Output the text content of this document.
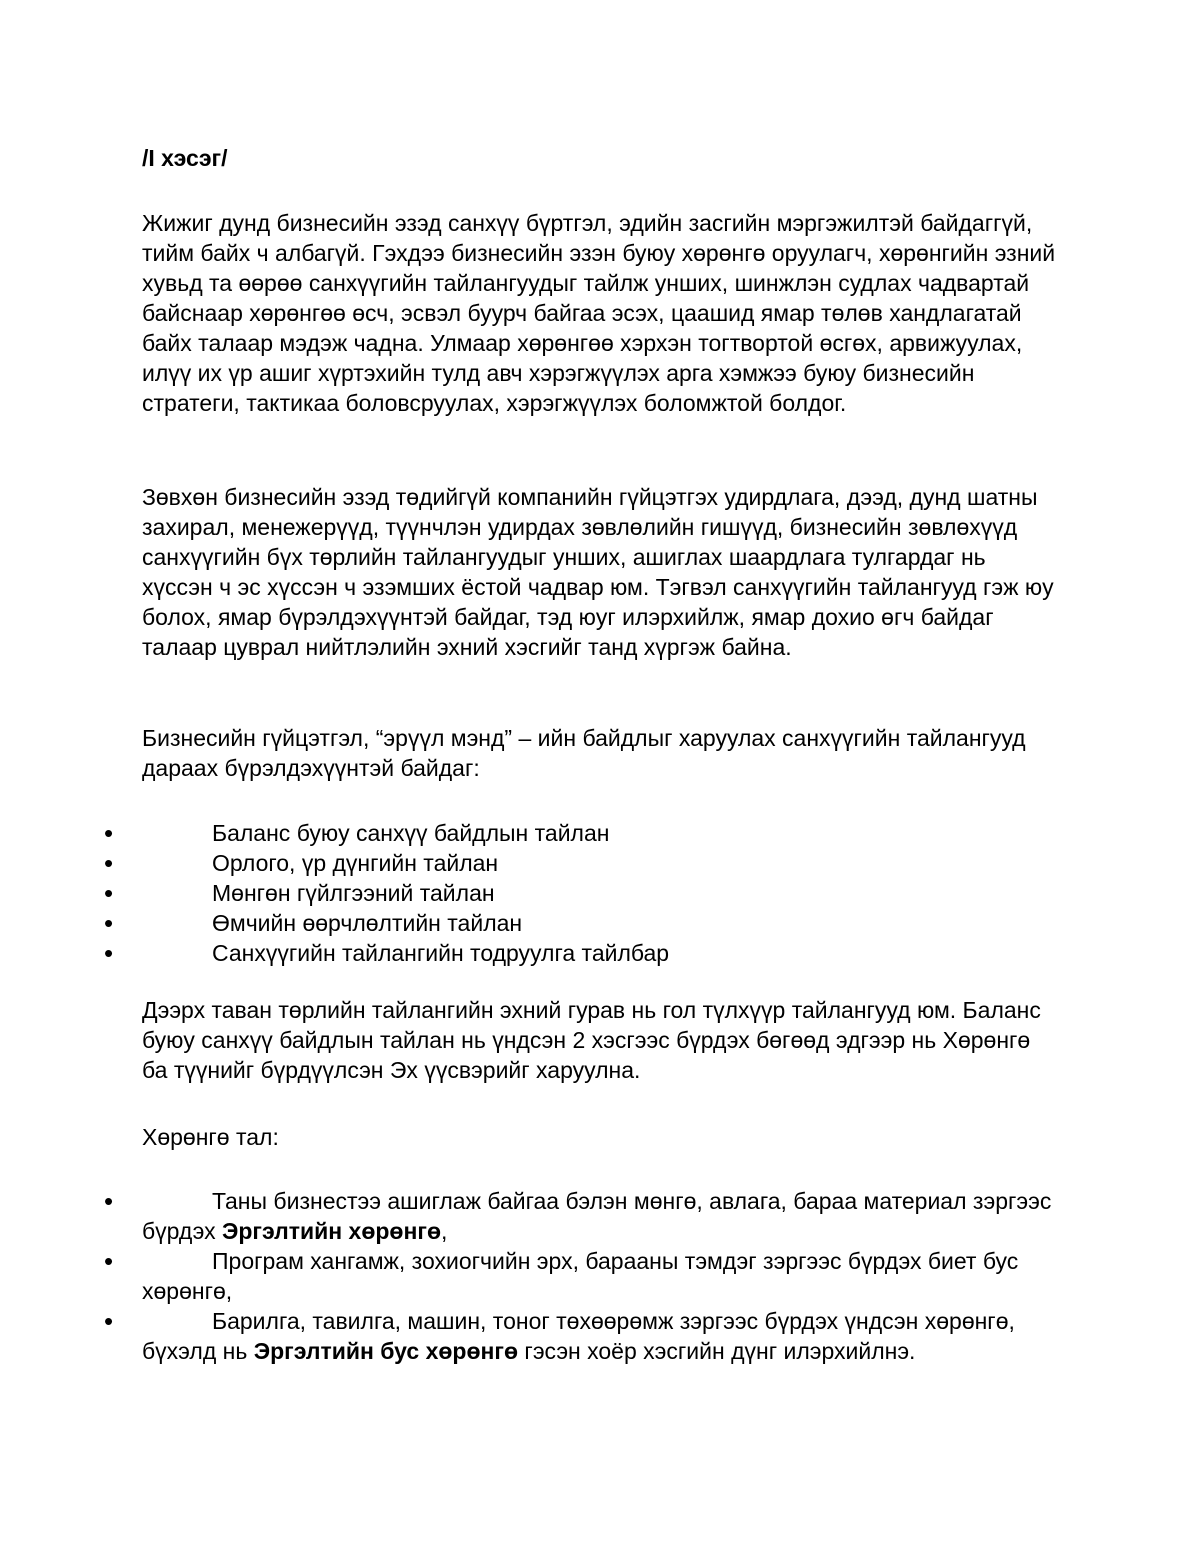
/I хэсэг/

Жижиг дунд бизнесийн эзэд санхүү бүртгэл, эдийн засгийн мэргэжилтэй байдаггүй, тийм байх ч албагүй. Гэхдээ бизнесийн эзэн буюу хөрөнгө оруулагч, хөрөнгийн эзний хувьд та өөрөө санхүүгийн тайлангуудыг тайлж унших, шинжлэн судлах чадвартай байснаар хөрөнгөө өсч, эсвэл буурч байгаа эсэх, цаашид ямар төлөв хандлагатай байх талаар мэдэж чадна. Улмаар хөрөнгөө хэрхэн тогтвортой өсгөх, арвижуулах, илүү их үр ашиг хүртэхийн тулд авч хэрэгжүүлэх арга хэмжээ буюу бизнесийн стратеги, тактикаа боловсруулах, хэрэгжүүлэх боломжтой болдог.

Зөвхөн бизнесийн эзэд төдийгүй компанийн гүйцэтгэх удирдлага, дээд, дунд шатны захирал, менежерүүд, түүнчлэн удирдах зөвлөлийн гишүүд, бизнесийн зөвлөхүүд санхүүгийн бүх төрлийн тайлангуудыг унших, ашиглах шаардлага тулгардаг нь хүссэн ч эс хүссэн ч эзэмших ёстой чадвар юм. Тэгвэл санхүүгийн тайлангууд гэж юу болох, ямар бүрэлдэхүүнтэй байдаг, тэд юуг илэрхийлж, ямар дохио өгч байдаг талаар цуврал нийтлэлийн эхний хэсгийг танд хүргэж байна.

Бизнесийн гүйцэтгэл, “эрүүл мэнд” – ийн байдлыг харуулах санхүүгийн тайлангууд дараах бүрэлдэхүүнтэй байдаг:

•	Баланс буюу санхүү байдлын тайлан
•	Орлого, үр дүнгийн тайлан
•	Мөнгөн гүйлгээний тайлан
•	Өмчийн өөрчлөлтийн тайлан
•	Санхүүгийн тайлангийн тодруулга тайлбар

Дээрх таван төрлийн тайлангийн эхний гурав нь гол түлхүүр тайлангууд юм. Баланс буюу санхүү байдлын тайлан нь үндсэн 2 хэсгээс бүрдэх бөгөөд эдгээр нь Хөрөнгө ба түүнийг бүрдүүлсэн Эх үүсвэрийг харуулна.

Хөрөнгө тал:

•	Таны бизнестээ ашиглаж байгаа бэлэн мөнгө, авлага, бараа материал зэргээс бүрдэх Эргэлтийн хөрөнгө,
•	Програм хангамж, зохиогчийн эрх, барааны тэмдэг зэргээс бүрдэх биет бус хөрөнгө,
•	Барилга, тавилга, машин, тоног төхөөрөмж зэргээс бүрдэх үндсэн хөрөнгө, бүхэлд нь Эргэлтийн бус хөрөнгө гэсэн хоёр хэсгийн дүнг илэрхийлнэ.
